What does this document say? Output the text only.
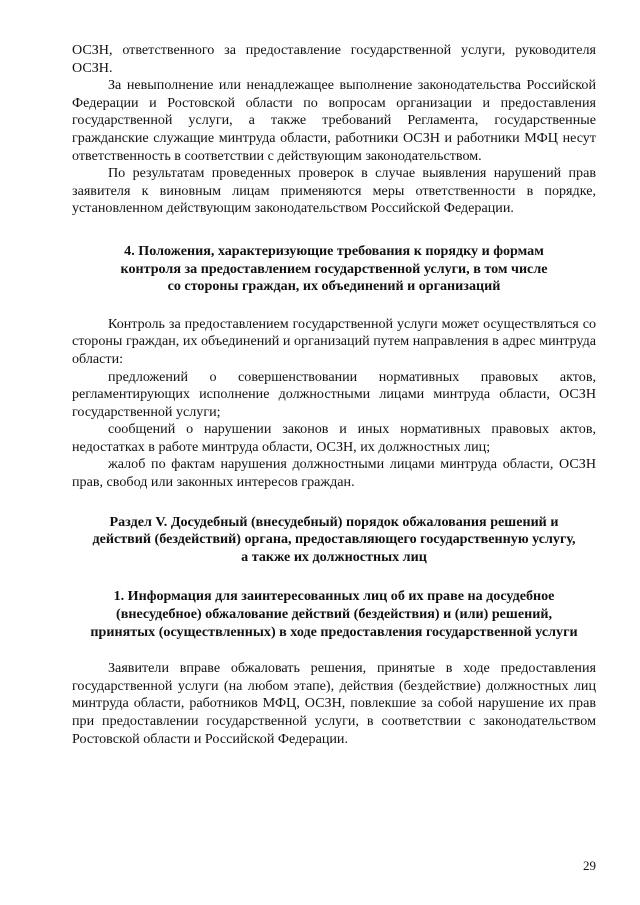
ОСЗН, ответственного за предоставление государственной услуги, руководителя ОСЗН.

За невыполнение или ненадлежащее выполнение законодательства Российской Федерации и Ростовской области по вопросам организации и предоставления государственной услуги, а также требований Регламента, государственные гражданские служащие минтруда области, работники ОСЗН и работники МФЦ несут ответственность в соответствии с действующим законодательством.

По результатам проведенных проверок в случае выявления нарушений прав заявителя к виновным лицам применяются меры ответственности в порядке, установленном действующим законодательством Российской Федерации.

4. Положения, характеризующие требования к порядку и формам
контроля за предоставлением государственной услуги, в том числе
со стороны граждан, их объединений и организаций

Контроль за предоставлением государственной услуги может осуществляться со стороны граждан, их объединений и организаций путем направления в адрес минтруда области:

предложений о совершенствовании нормативных правовых актов, регламентирующих исполнение должностными лицами минтруда области, ОСЗН государственной услуги;

сообщений о нарушении законов и иных нормативных правовых актов, недостатках в работе минтруда области, ОСЗН, их должностных лиц;

жалоб по фактам нарушения должностными лицами минтруда области, ОСЗН прав, свобод или законных интересов граждан.

Раздел V. Досудебный (внесудебный) порядок обжалования решений и
действий (бездействий) органа, предоставляющего государственную услугу,
а также их должностных лиц
1. Информация для заинтересованных лиц об их праве на досудебное
(внесудебное) обжалование действий (бездействия) и (или) решений,
принятых (осуществленных) в ходе предоставления государственной услуги

Заявители вправе обжаловать решения, принятые в ходе предоставления государственной услуги (на любом этапе), действия (бездействие) должностных лиц минтруда области, работников МФЦ, ОСЗН, повлекшие за собой нарушение их прав при предоставлении государственной услуги, в соответствии с законодательством Ростовской области и Российской Федерации.

29
